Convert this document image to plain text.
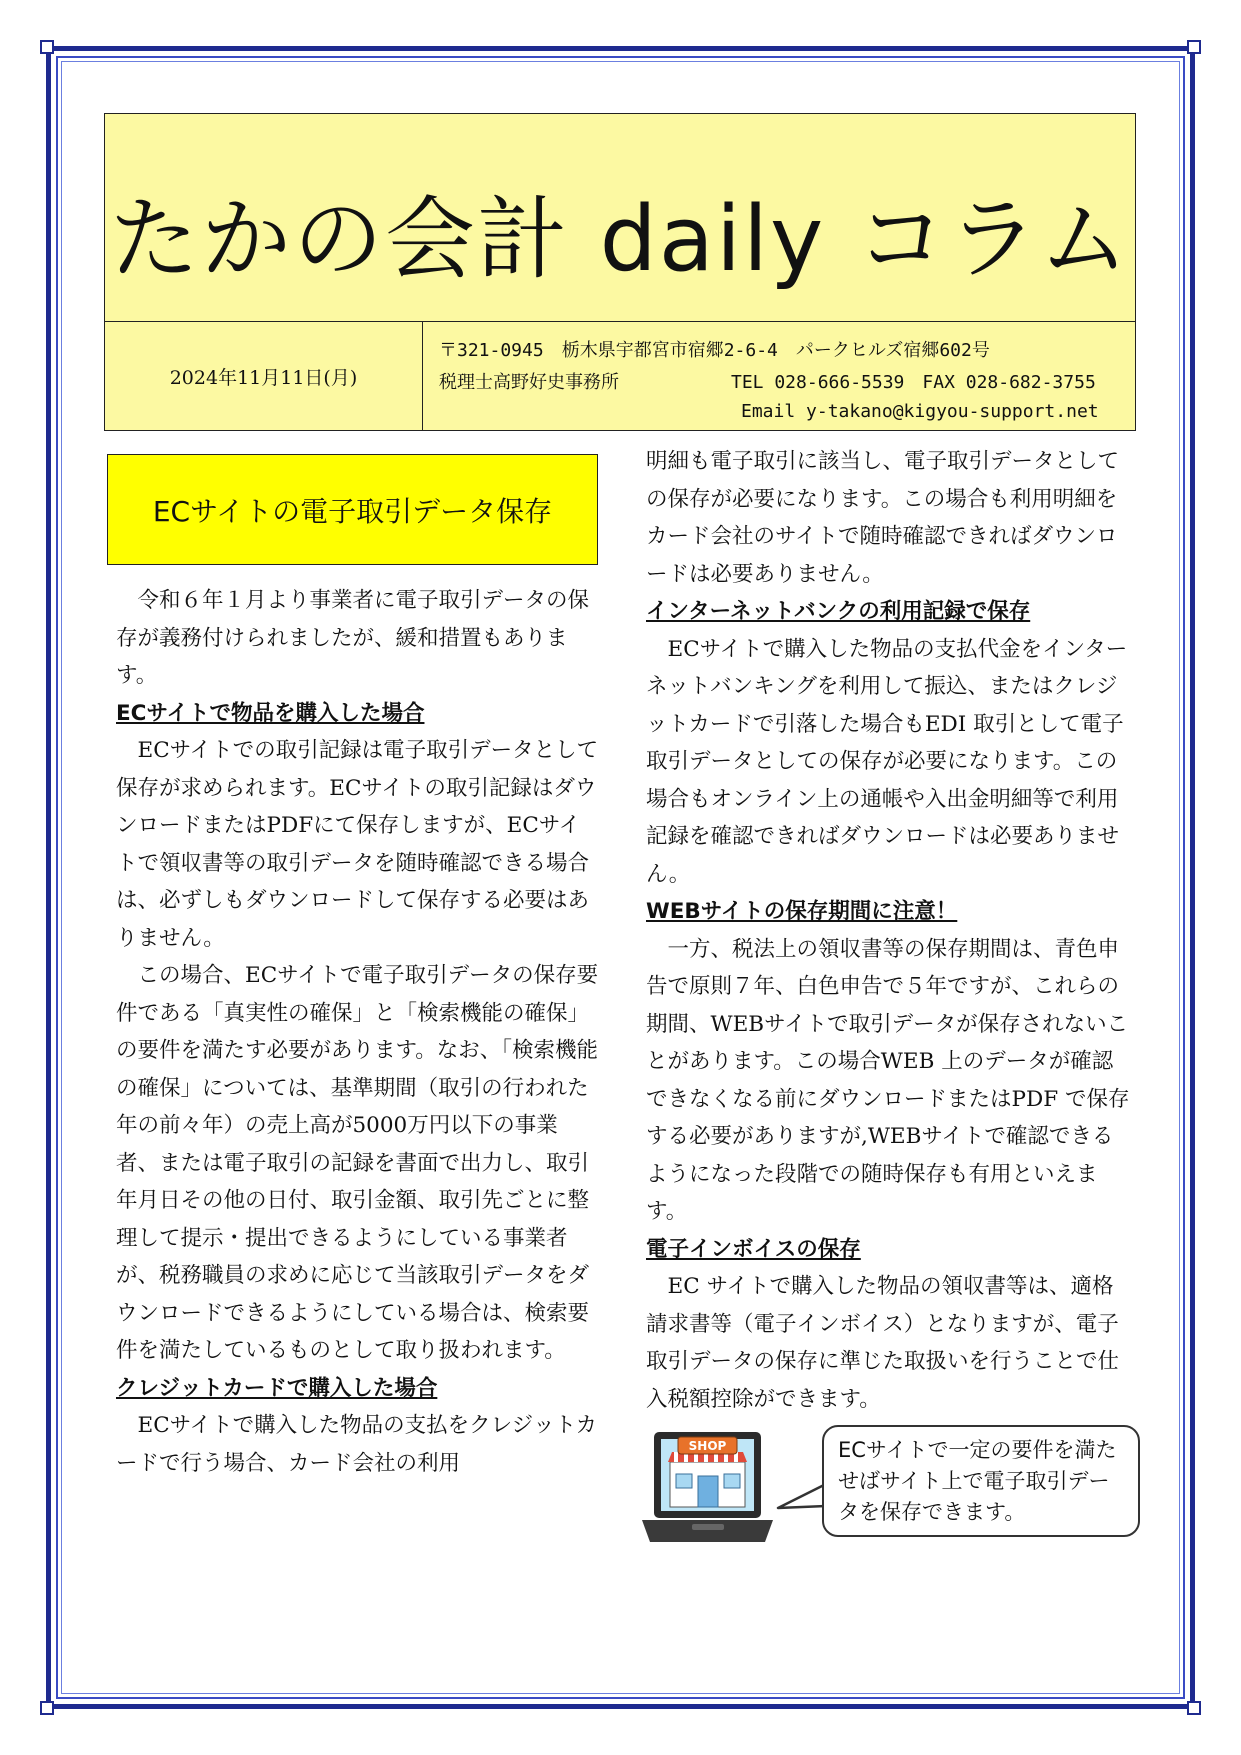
たかの会計 daily コラム
2024年11月11日(月)
〒321-0945　栃木県宇都宮市宿郷2-6-4　パークヒルズ宿郷602号
税理士高野好史事務所	TEL 028-666-5539　FAX 028-682-3755
Email y-takano@kigyou-support.net
ECサイトの電子取引データ保存

令和６年１月より事業者に電子取引データの保存が義務付けられましたが、緩和措置もあります。

ECサイトで物品を購入した場合

ECサイトでの取引記録は電子取引データとして保存が求められます。ECサイトの取引記録はダウンロードまたはPDFにて保存しますが、ECサイトで領収書等の取引データを随時確認できる場合は、必ずしもダウンロードして保存する必要はありません。

この場合、ECサイトで電子取引データの保存要件である「真実性の確保」と「検索機能の確保」の要件を満たす必要があります。なお、「検索機能の確保」については、基準期間（取引の行われた年の前々年）の売上高が5000万円以下の事業者、または電子取引の記録を書面で出力し、取引年月日その他の日付、取引金額、取引先ごとに整理して提示・提出できるようにしている事業者が、税務職員の求めに応じて当該取引データをダウンロードできるようにしている場合は、検索要件を満たしているものとして取り扱われます。

クレジットカードで購入した場合

ECサイトで購入した物品の支払をクレジットカードで行う場合、カード会社の利用

明細も電子取引に該当し、電子取引データとしての保存が必要になります。この場合も利用明細をカード会社のサイトで随時確認できればダウンロードは必要ありません。

インターネットバンクの利用記録で保存

ECサイトで購入した物品の支払代金をインターネットバンキングを利用して振込、またはクレジットカードで引落した場合もEDI 取引として電子取引データとしての保存が必要になります。この場合もオンライン上の通帳や入出金明細等で利用記録を確認できればダウンロードは必要ありません。

WEBサイトの保存期間に注意！

一方、税法上の領収書等の保存期間は、青色申告で原則７年、白色申告で５年ですが、これらの期間、WEBサイトで取引データが保存されないことがあります。この場合WEB 上のデータが確認できなくなる前にダウンロードまたはPDF で保存する必要がありますが,WEBサイトで確認できるようになった段階での随時保存も有用といえます。

電子インボイスの保存

EC サイトで購入した物品の領収書等は、適格請求書等（電子インボイス）となりますが、電子取引データの保存に準じた取扱いを行うことで仕入税額控除ができます。

SHOP	ECサイトで一定の要件を満たせばサイト上で電子取引データを保存できます。
